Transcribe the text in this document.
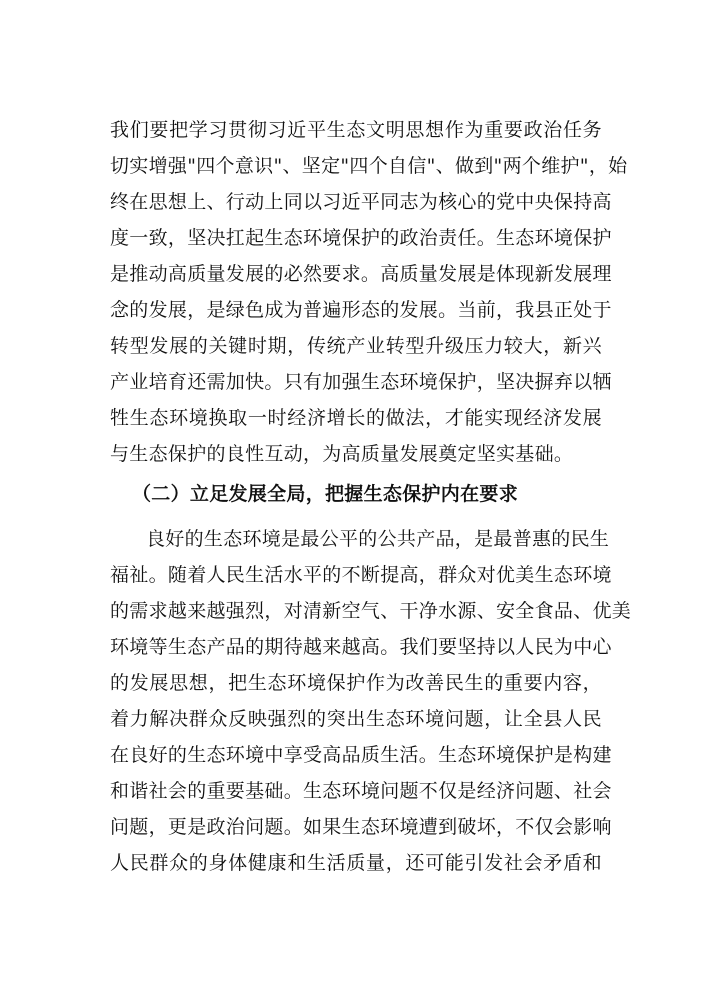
我们要把学习贯彻习近平生态文明思想作为重要政治任务
切实增强"四个意识"、坚定"四个自信"、做到"两个维护"，始
终在思想上、行动上同以习近平同志为核心的党中央保持高
度一致，坚决扛起生态环境保护的政治责任。生态环境保护
是推动高质量发展的必然要求。高质量发展是体现新发展理
念的发展，是绿色成为普遍形态的发展。当前，我县正处于
转型发展的关键时期，传统产业转型升级压力较大，新兴
产业培育还需加快。只有加强生态环境保护，坚决摒弃以牺
牲生态环境换取一时经济增长的做法，才能实现经济发展
与生态保护的良性互动，为高质量发展奠定坚实基础。
（二）立足发展全局，把握生态保护内在要求
良好的生态环境是最公平的公共产品，是最普惠的民生
福祉。随着人民生活水平的不断提高，群众对优美生态环境
的需求越来越强烈，对清新空气、干净水源、安全食品、优美
环境等生态产品的期待越来越高。我们要坚持以人民为中心
的发展思想，把生态环境保护作为改善民生的重要内容，
着力解决群众反映强烈的突出生态环境问题，让全县人民
在良好的生态环境中享受高品质生活。生态环境保护是构建
和谐社会的重要基础。生态环境问题不仅是经济问题、社会
问题，更是政治问题。如果生态环境遭到破坏，不仅会影响
人民群众的身体健康和生活质量，还可能引发社会矛盾和
